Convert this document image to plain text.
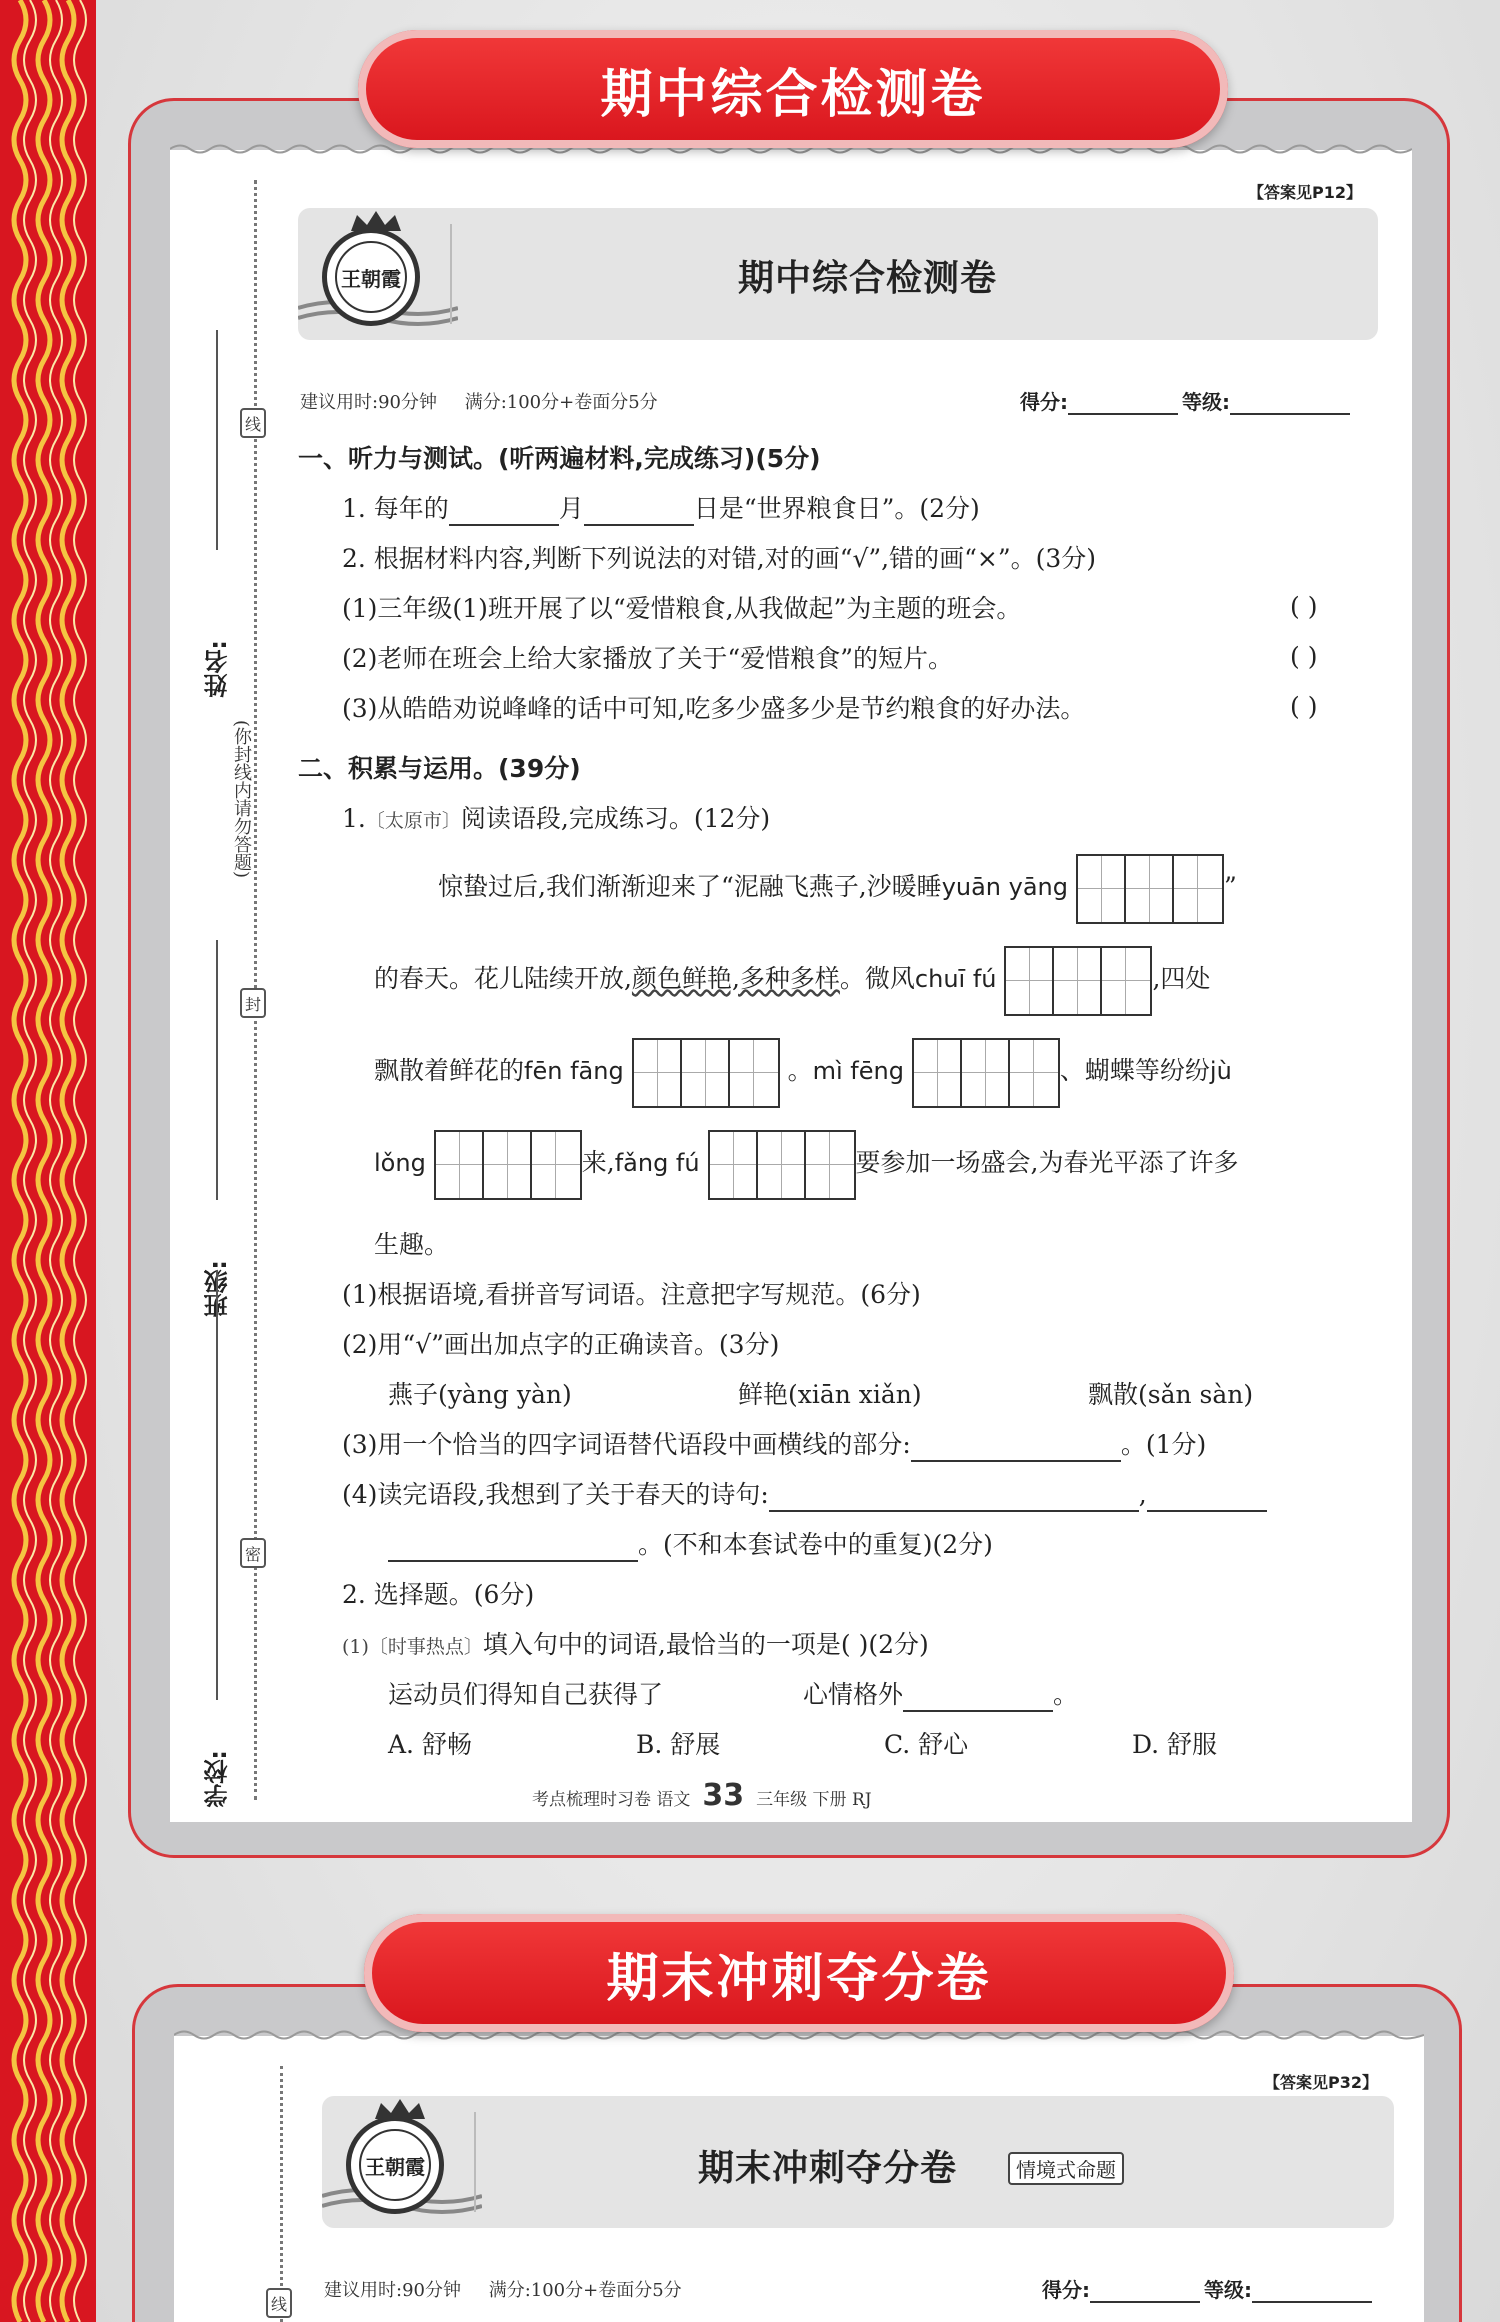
期中综合检测卷
姓名:
(你封线内请勿答题)
班级:
学校:
线
封
密
【答案见P12】
王朝霞	期中综合检测卷
建议用时:90分钟 满分:100分+卷面分5分	得分:	等级:
一、听力与测试。(听两遍材料,完成练习)(5分)
1. 每年的	月	日是“世界粮食日”。(2分)
2. 根据材料内容,判断下列说法的对错,对的画“√”,错的画“×”。(3分)
(1)三年级(1)班开展了以“爱惜粮食,从我做起”为主题的班会。	( )
(2)老师在班会上给大家播放了关于“爱惜粮食”的短片。	( )
(3)从皓皓劝说峰峰的话中可知,吃多少盛多少是节约粮食的好办法。	( )
二、积累与运用。(39分)
1.〔太原市〕阅读语段,完成练习。(12分)
惊蛰过后,我们渐渐迎来了“泥融飞燕子,沙暖睡yuān yāng	”
的春天。花儿陆续开放,颜色鲜艳,多种多样。微风chuī fú	,四处
飘散着鲜花的fēn fāng	。mì fēng	、蝴蝶等纷纷jù
lǒng	来,fǎng fú	要参加一场盛会,为春光平添了许多
生趣。
(1)根据语境,看拼音写词语。注意把字写规范。(6分)
(2)用“√”画出加点字的正确读音。(3分)
燕子(yàng yàn)	鲜艳(xiān xiǎn)	飘散(sǎn sàn)
(3)用一个恰当的四字词语替代语段中画横线的部分:	。(1分)
(4)读完语段,我想到了关于春天的诗句:	,
。(不和本套试卷中的重复)(2分)
2. 选择题。(6分)
(1)〔时事热点〕填入句中的词语,最恰当的一项是( )(2分)
运动员们得知自己获得了	心情格外	。
A. 舒畅	B. 舒展	C. 舒心	D. 舒服
考点梳理时习卷 语文 33 三年级 下册 RJ
期末冲刺夺分卷
线
【答案见P32】
王朝霞	期末冲刺夺分卷	情境式命题
建议用时:90分钟 满分:100分+卷面分5分	得分:	等级:
